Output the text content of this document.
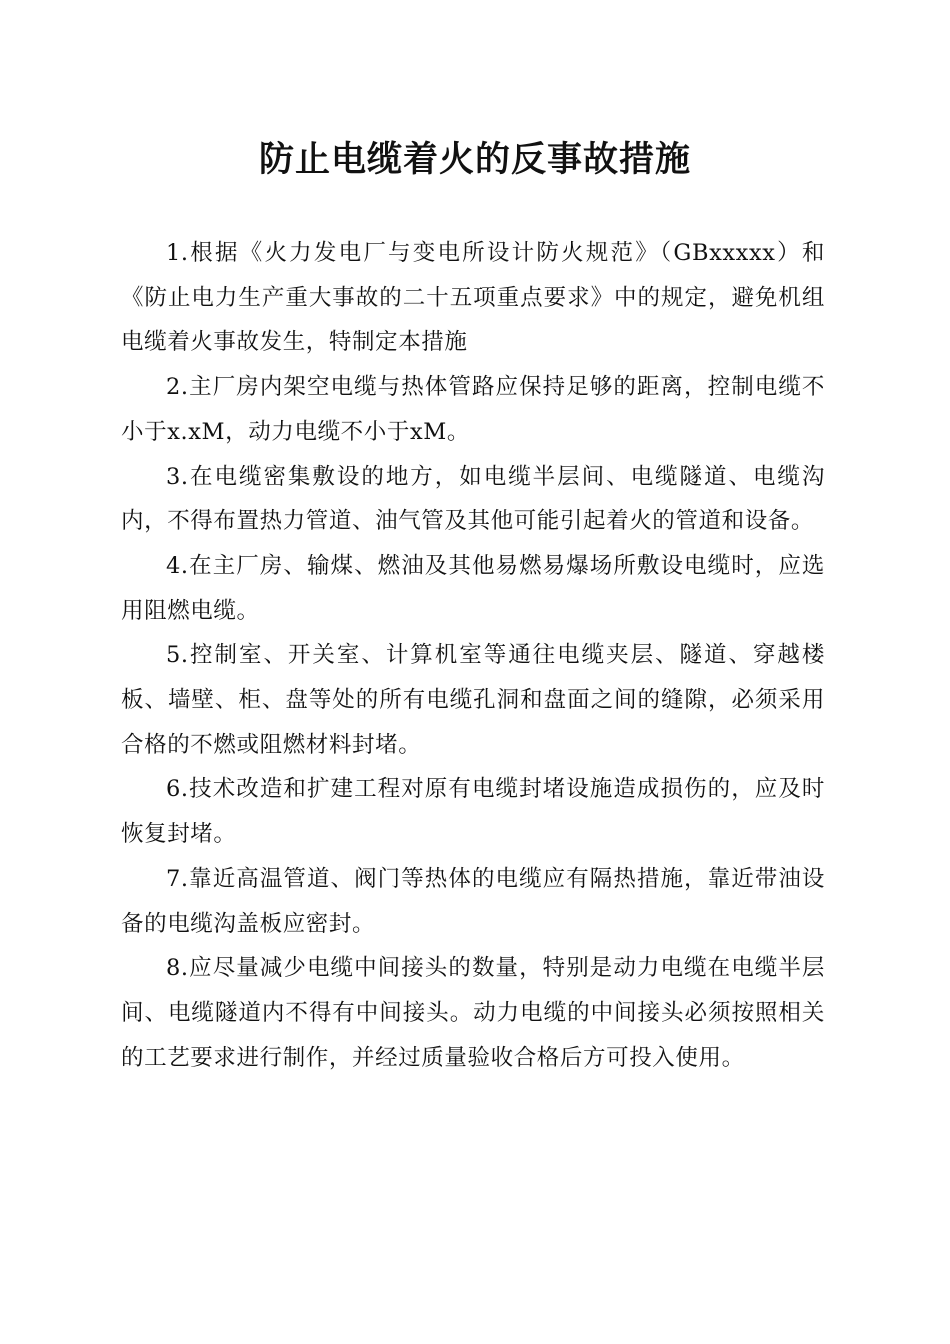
防止电缆着火的反事故措施

1.根据《火力发电厂与变电所设计防火规范》（GBxxxxx）和《防止电力生产重大事故的二十五项重点要求》中的规定，避免机组电缆着火事故发生，特制定本措施

2.主厂房内架空电缆与热体管路应保持足够的距离，控制电缆不小于x.xM，动力电缆不小于xM。

3.在电缆密集敷设的地方，如电缆半层间、电缆隧道、电缆沟内，不得布置热力管道、油气管及其他可能引起着火的管道和设备。

4.在主厂房、输煤、燃油及其他易燃易爆场所敷设电缆时，应选用阻燃电缆。

5.控制室、开关室、计算机室等通往电缆夹层、隧道、穿越楼板、墙壁、柜、盘等处的所有电缆孔洞和盘面之间的缝隙，必须采用合格的不燃或阻燃材料封堵。

6.技术改造和扩建工程对原有电缆封堵设施造成损伤的，应及时恢复封堵。

7.靠近高温管道、阀门等热体的电缆应有隔热措施，靠近带油设备的电缆沟盖板应密封。

8.应尽量减少电缆中间接头的数量，特别是动力电缆在电缆半层间、电缆隧道内不得有中间接头。动力电缆的中间接头必须按照相关的工艺要求进行制作，并经过质量验收合格后方可投入使用。
